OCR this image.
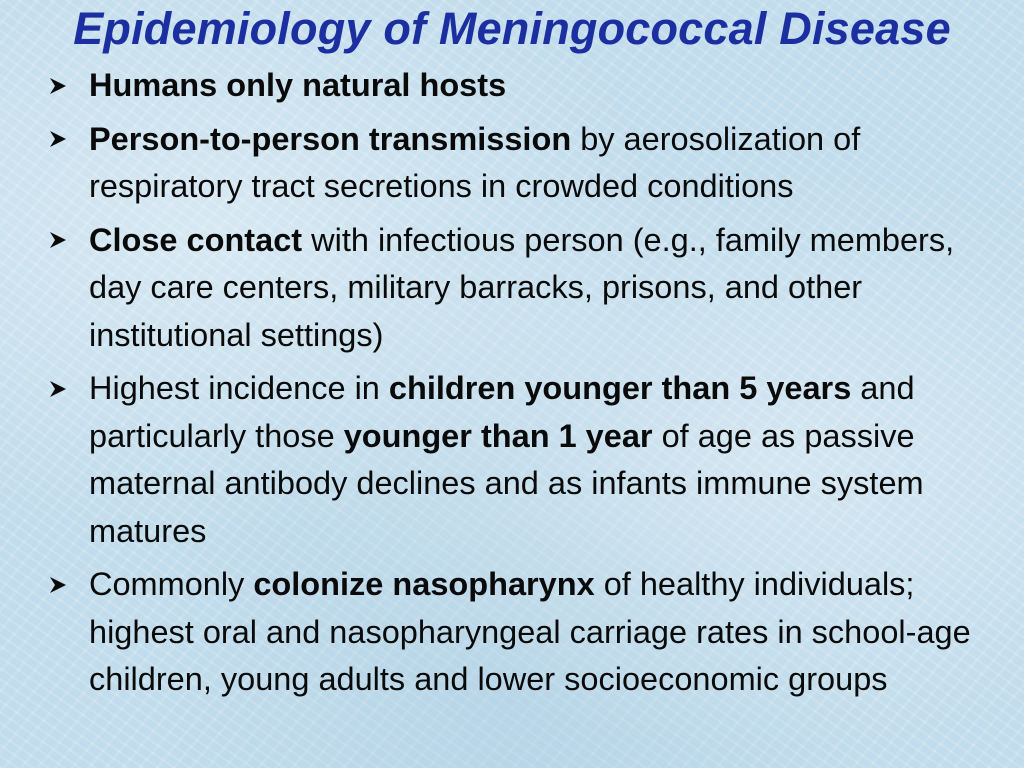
Epidemiology of Meningococcal Disease
Humans only natural hosts
Person-to-person transmission by aerosolization of respiratory tract secretions in crowded conditions
Close contact with infectious person (e.g., family members, day care centers, military barracks, prisons, and other institutional settings)
Highest incidence in children younger than 5 years and particularly those younger than 1 year of age as passive maternal antibody declines and as infants immune system matures
Commonly colonize nasopharynx of healthy individuals; highest oral and nasopharyngeal carriage rates in school-age children, young adults and lower socioeconomic groups
